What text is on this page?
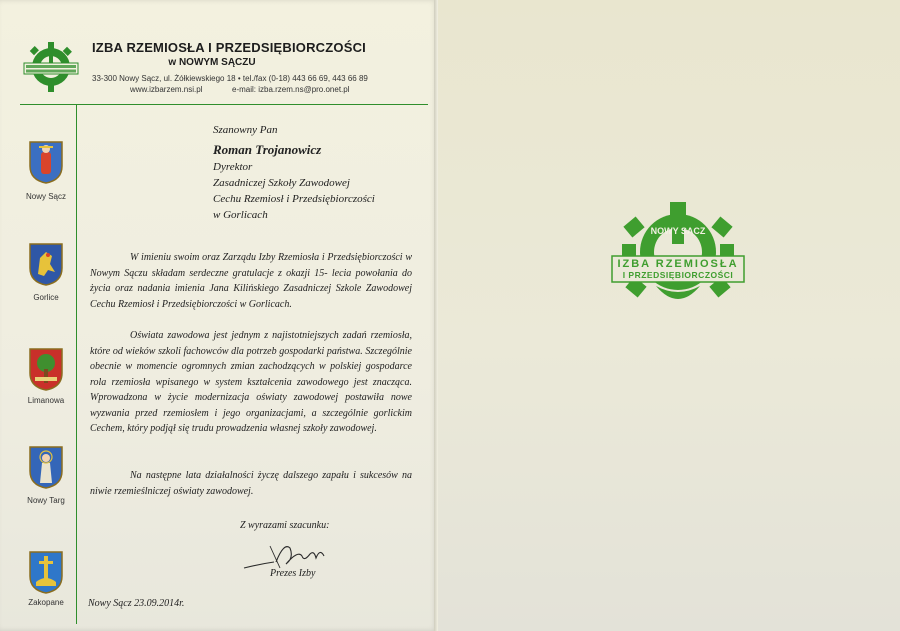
IZBA RZEMIOSŁA I PRZEDSIĘBIORCZOŚCI
w NOWYM SĄCZU
33-300 Nowy Sącz, ul. Żółkiewskiego 18 • tel./fax (0-18) 443 66 69, 443 66 89
www.izbarzem.nsi.pl	e-mail: izba.rzem.ns@pro.onet.pl
Nowy Sącz
Gorlice
Limanowa
Nowy Targ
Zakopane
Szanowny Pan
Roman Trojanowicz
Dyrektor
Zasadniczej Szkoły Zawodowej
Cechu Rzemiosł i Przedsiębiorczości
w Gorlicach
W imieniu swoim oraz Zarządu Izby Rzemiosła i Przedsiębiorczości w Nowym Sączu składam serdeczne gratulacje z okazji 15- lecia powołania do życia oraz nadania imienia Jana Kilińskiego Zasadniczej Szkole Zawodowej Cechu Rzemiosł i Przedsiębiorczości w Gorlicach.
Oświata zawodowa jest jednym z najistotniejszych zadań rzemiosła, które od wieków szkoli fachowców dla potrzeb gospodarki państwa. Szczególnie obecnie w momencie ogromnych zmian zachodzących w polskiej gospodarce rola rzemiosła wpisanego w system kształcenia zawodowego jest znacząca. Wprowadzona w życie modernizacja oświaty zawodowej postawiła nowe wyzwania przed rzemiosłem i jego organizacjami, a szczególnie gorlickim Cechem, który podjął się trudu prowadzenia własnej szkoły zawodowej.
Na następne lata działalności życzę dalszego zapału i sukcesów na niwie rzemieślniczej oświaty zawodowej.
Z wyrazami szacunku:
Prezes Izby
Nowy Sącz 23.09.2014r.
NOWY SĄCZ
IZBA RZEMIOSŁA
I PRZEDSIĘBIORCZOŚCI
